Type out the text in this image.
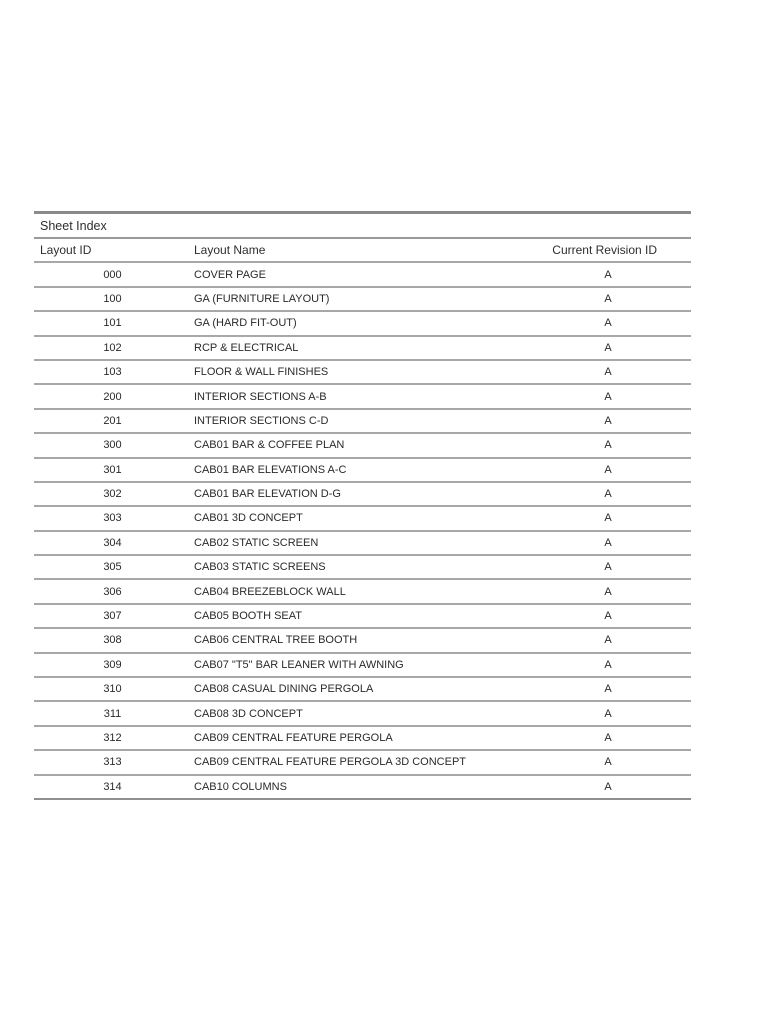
Sheet Index
Layout ID	Layout Name	Current Revision ID
000	COVER PAGE	A
100	GA (FURNITURE LAYOUT)	A
101	GA (HARD FIT-OUT)	A
102	RCP & ELECTRICAL	A
103	FLOOR & WALL FINISHES	A
200	INTERIOR SECTIONS A-B	A
201	INTERIOR SECTIONS C-D	A
300	CAB01 BAR & COFFEE PLAN	A
301	CAB01 BAR ELEVATIONS A-C	A
302	CAB01 BAR ELEVATION D-G	A
303	CAB01 3D CONCEPT	A
304	CAB02 STATIC SCREEN	A
305	CAB03 STATIC SCREENS	A
306	CAB04 BREEZEBLOCK WALL	A
307	CAB05 BOOTH SEAT	A
308	CAB06 CENTRAL TREE BOOTH	A
309	CAB07 "T5" BAR LEANER WITH AWNING	A
310	CAB08 CASUAL DINING PERGOLA	A
311	CAB08 3D CONCEPT	A
312	CAB09 CENTRAL FEATURE PERGOLA	A
313	CAB09 CENTRAL FEATURE PERGOLA 3D CONCEPT	A
314	CAB10 COLUMNS	A
